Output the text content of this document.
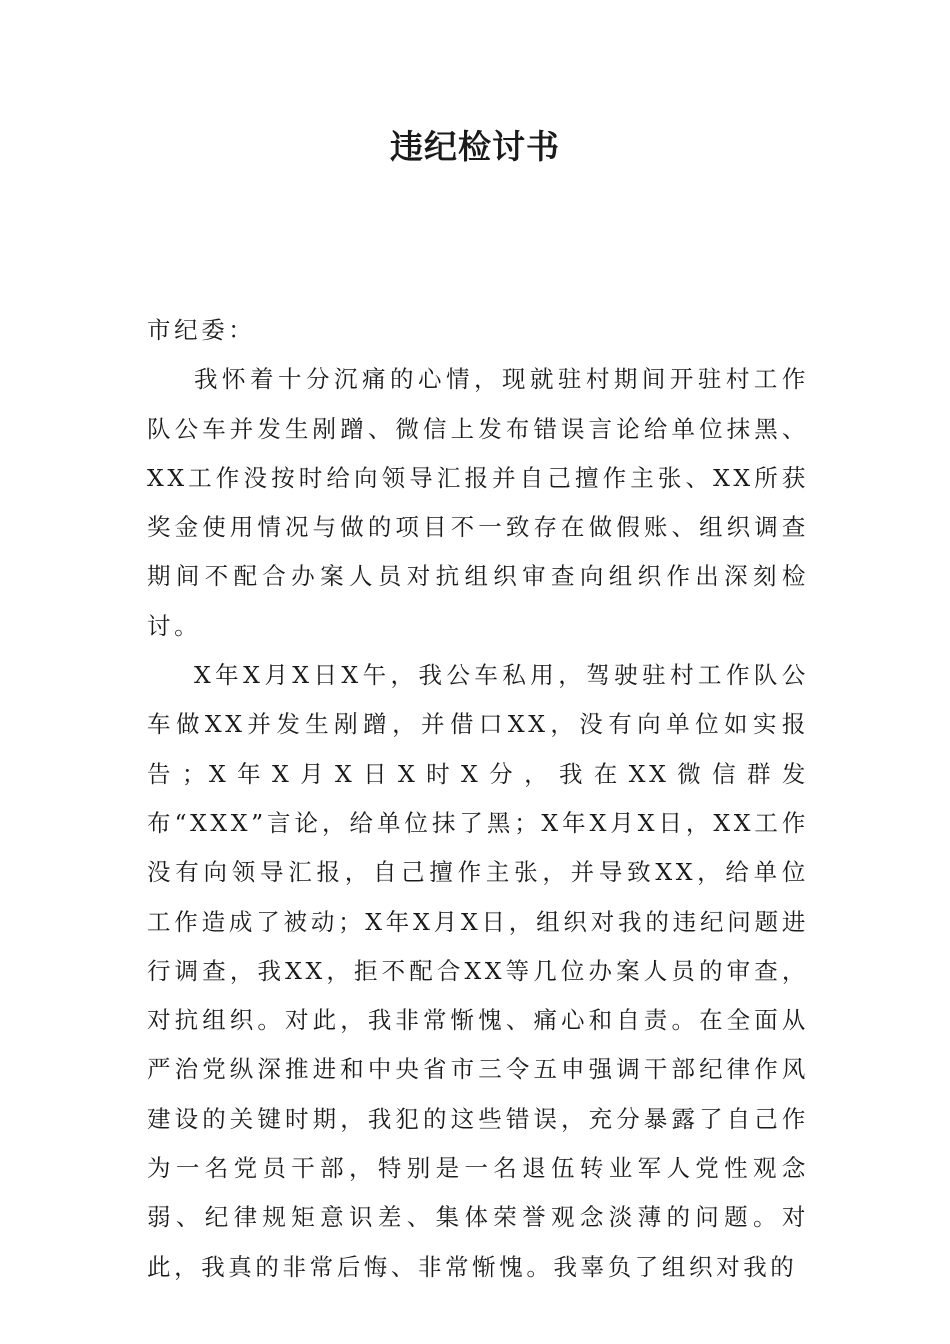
违纪检讨书

市纪委：

我怀着十分沉痛的心情，现就驻村期间开驻村工作队公车并发生剐蹭、微信上发布错误言论给单位抹黑、XX工作没按时给向领导汇报并自己擅作主张、XX所获奖金使用情况与做的项目不一致存在做假账、组织调查期间不配合办案人员对抗组织审查向组织作出深刻检讨。

X年X月X日X午，我公车私用，驾驶驻村工作队公车做XX并发生剐蹭，并借口XX，没有向单位如实报告；X年X月X日X时X分，我在XX微信群发布“XXX”言论，给单位抹了黑；X年X月X日，XX工作没有向领导汇报，自己擅作主张，并导致XX，给单位工作造成了被动；X年X月X日，组织对我的违纪问题进行调查，我XX，拒不配合XX等几位办案人员的审查，对抗组织。对此，我非常惭愧、痛心和自责。在全面从严治党纵深推进和中央省市三令五申强调干部纪律作风建设的关键时期，我犯的这些错误，充分暴露了自己作为一名党员干部，特别是一名退伍转业军人党性观念弱、纪律规矩意识差、集体荣誉观念淡薄的问题。对此，我真的非常后悔、非常惭愧。我辜负了组织对我的
